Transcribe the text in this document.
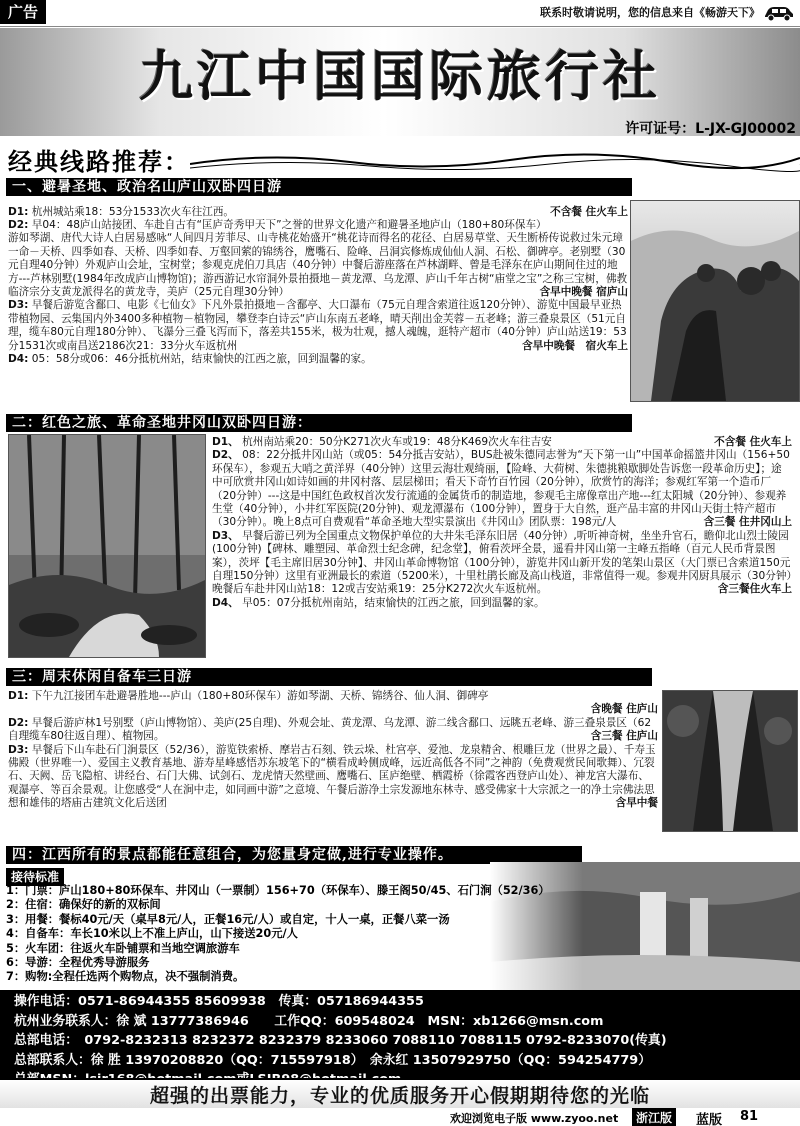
广告	联系时敬请说明，您的信息来自《畅游天下》
九江中国国际旅行社
许可证号：L-JX-GJ00002
经典线路推荐：
一、避暑圣地、政治名山庐山双卧四日游
D1: 杭州城站乘18：53分1533次火车往江西。	不含餐 住火车上
D2: 早04：48庐山站接团、车赴自古有“匡庐奇秀甲天下”之誉的世界文化遗产和避暑圣地庐山（180+80环保车）游如琴湖、唐代大诗人白居易感咏“人间四月芳菲尽、山寺桃花始盛开“桃花诗而得名的花径、白居易草堂、天生断桥传说救过朱元璋一命－天桥、四季如春、天桥、四季如春、万壑回萦的锦绣谷，鹰嘴石、险峰、吕洞宾修炼成仙仙人洞、石松、御碑亭。老别墅（30元自理40分钟）外观庐山会址，宝树堂；参观克虎伯刀具店（40分钟）中餐后游座落在芦林湖畔、曾是毛泽东在庐山期间住过的地方---芦林别墅(1984年改成庐山博物馆)；游西游记水帘洞外景拍摄地－黄龙潭、乌龙潭、庐山千年古树“庙堂之宝”之称三宝树，佛教临济宗分支黄龙派得名的黄龙寺，美庐（25元自理30分钟）	含早中晚餐 宿庐山
D3: 早餐后游览含鄱口、电影《七仙女》下凡外景拍摄地－含鄱亭、大口瀑布（75元自理含索道往返120分钟）、游览中国最早亚热带植物园、云集国内外3400多种植物－植物园，攀登李白诗云“庐山东南五老峰，晴天削出金芙蓉－五老峰；游三叠泉景区（51元自理，缆车80元自理180分钟）、飞瀑分三叠飞泻而下，落差共155米，极为壮观，撼人魂魄，逛特产超市（40分钟）庐山站送19：53分1531次或南昌送2186次21：33分火车返杭州	含早中晚餐　宿火车上
D4: 05：58分或06：46分抵杭州站，结束愉快的江西之旅，回到温馨的家。
二：红色之旅、革命圣地井冈山双卧四日游：
D1、 杭州南站乘20：50分K271次火车或19：48分K469次火车往吉安	不含餐 住火车上
D2、 08：22分抵井冈山站（或05：54分抵吉安站），BUS赴被朱德同志誉为“天下第一山”中国革命摇篮井冈山（156+50环保车），参观五大哨之黄洋界（40分钟）这里云海壮观绮丽，【险峰、大荷树、朱德挑粮歇脚处告诉您一段革命历史】；途中可欣赏井冈山如诗如画的井冈村落、层层梯田；看天下奇竹百竹园（20分钟），欣赏竹的海洋；参观红军第一个造币厂（20分钟）---这是中国红色政权首次发行流通的金属货币的制造地，参观毛主席像章出产地---红太阳城（20分钟）、参观养生堂（40分钟），小井红军医院(20分钟)、观龙潭瀑布（100分钟），置身于大自然，逛产品丰富的井冈山天街土特产超市（30分钟）。晚上8点可自费观看“革命圣地大型实景演出《井冈山》团队票：198元/人	含三餐 住井冈山上
D3、 早餐后游已列为全国重点文物保护单位的大井朱毛泽东旧居（40分钟）,听听神奇树，坐坐升官石，瞻仰北山烈士陵园(100分钟)【碑林、雕塑园、革命烈士纪念碑，纪念堂】，俯看茨坪全景，遥看井冈山第一主峰五指峰（百元人民币背景图案），茨坪【毛主席旧居30分钟】、井冈山革命博物馆（100分钟），游览井冈山新开发的笔架山景区（大门票已含索道150元自理150分钟）这里有亚洲最长的索道（5200米），十里杜鹃长廊及高山栈道，非常值得一观。参观井冈厨具展示（30分钟）晚餐后车赴井冈山站18：12或吉安站乘19：25分K272次火车返杭州。	含三餐住火车上
D4、 早05：07分抵杭州南站，结束愉快的江西之旅，回到温馨的家。
三：周末休闲自备车三日游
D1: 下午九江接团车赴避暑胜地---庐山（180+80环保车）游如琴湖、天桥、锦绣谷、仙人洞、御碑亭
含晚餐 住庐山
D2: 早餐后游庐林1号别墅（庐山博物馆）、美庐(25自理)、外观会址、黄龙潭、乌龙潭、游二线含鄱口、远眺五老峰、游三叠泉景区（62自理缆车80往返自理）、植物园。	含三餐 住庐山
D3: 早餐后下山车赴石门涧景区（52/36），游览铁索桥、摩岩古石刻、铁云垛、杜宫亭、爱池、龙泉精舍、根雕巨龙（世界之最）、千寿玉佛殿（世界唯一）、爱国主义教育基地、游寿星峰感悟苏东坡笔下的“横看成岭侧成峰，远近高低各不同”之神韵（免费观赏民间歌舞）、冗裂石、天阙、岳飞隐棺、讲经台、石门大佛、试剑石、龙虎情天然壁画、鹰嘴石、匡庐绝壁、栖霞桥（徐霞客西登庐山处）、神龙宫大瀑布、观瀑亭、等百余景观。让您感受“人在涧中走，如同画中游”之意境、午餐后游净土宗发源地东林寺、感受佛家十大宗派之一的净土宗佛法思想和雄伟的塔庙古建筑文化后送团	含早中餐
四：江西所有的景点都能任意组合，为您量身定做,进行专业操作。
接待标准
1：门票：庐山180+80环保车、井冈山（一票制）156+70（环保车）、滕王阁50/45、石门涧（52/36）
2：住宿：确保好的新的双标间
3：用餐：餐标40元/天（桌早8元/人，正餐16元/人）或自定，十人一桌，正餐八菜一汤
4：自备车：车长10米以上不准上庐山，山下接送20元/人
5：火车团：往返火车卧铺票和当地空调旅游车
6：导游：全程优秀导游服务
7：购物:全程任选两个购物点，决不强制消费。
操作电话：0571-86944355 85609938　传真：057186944355
杭州业务联系人：徐 斌 13777386946　　工作QQ：609548024　MSN：xb1266@msn.com
总部电话：　0792-8232313 8232372 8232379 8233060 7088110 7088115 0792-8233070(传真)
总部联系人：徐 胜 13970208820（QQ：715597918）　余永红 13507929750（QQ：594254779）
超强的出票能力，专业的优质服务开心假期期待您的光临
欢迎浏览电子版 www.zyoo.net	浙江版	蓝版 81
